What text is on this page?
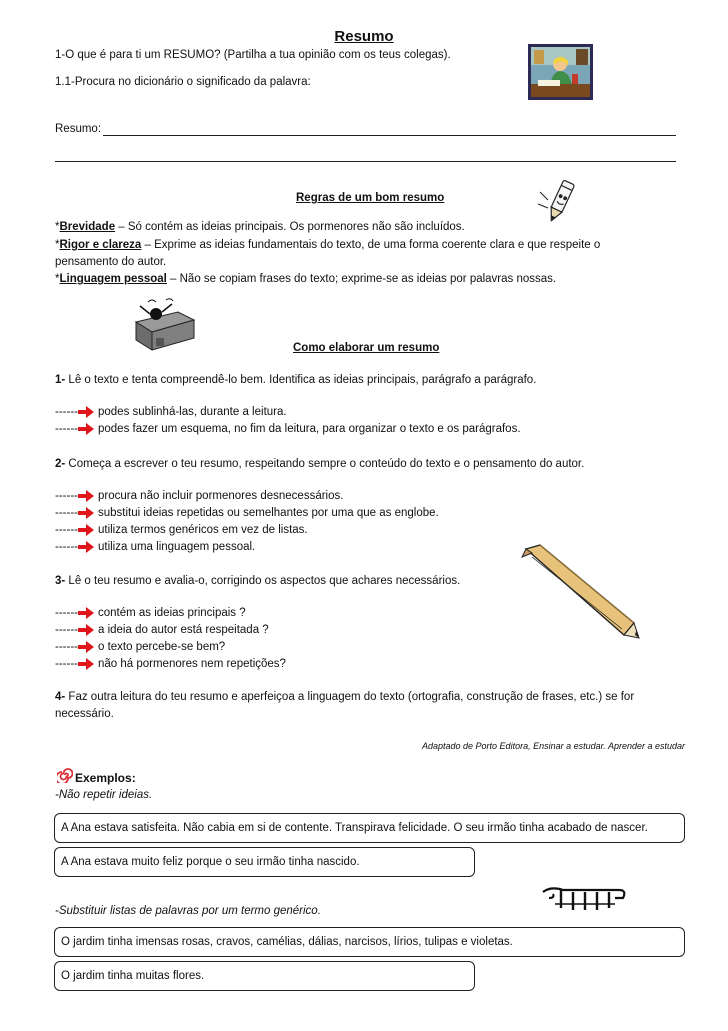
Resumo
1-O que é para ti um RESUMO? (Partilha a tua opinião com os teus colegas).
1.1-Procura no dicionário o significado da palavra:
Resumo:
Regras de um bom resumo
*Brevidade – Só contém as ideias principais. Os pormenores não são incluídos.
*Rigor e clareza – Exprime as ideias fundamentais do texto, de uma forma coerente clara e que respeite o
pensamento do autor.
*Linguagem pessoal – Não se copiam frases do texto; exprime-se as ideias por palavras nossas.
Como elaborar um resumo
1- Lê o texto e tenta compreendê-lo bem. Identifica as ideias principais, parágrafo a parágrafo.
------ podes sublinhá-las, durante a leitura.
------ podes fazer um esquema, no fim da leitura, para organizar o texto e os parágrafos.
2- Começa a escrever o teu resumo, respeitando sempre o conteúdo do texto e o pensamento do autor.
------ procura não incluir pormenores desnecessários.
------ substitui ideias repetidas ou semelhantes por uma que as englobe.
------ utiliza termos genéricos em vez de listas.
------ utiliza uma linguagem pessoal.
3- Lê o teu resumo e avalia-o, corrigindo os aspectos que achares necessários.
------ contém as ideias principais ?
------ a ideia do autor está respeitada ?
------ o texto percebe-se bem?
------ não há pormenores nem repetições?
4- Faz outra leitura do teu resumo e aperfeiçoa a linguagem do texto (ortografia, construção de frases, etc.) se for
necessário.
Adaptado de Porto Editora, Ensinar a estudar. Aprender a estudar
Exemplos:
-Não repetir ideias.
A Ana estava satisfeita. Não cabia em si de contente. Transpirava felicidade. O seu irmão tinha acabado de nascer.
A Ana estava muito feliz porque o seu irmão tinha nascido.
-Substituir listas de palavras por um termo genérico.
O jardim tinha imensas rosas, cravos, camélias, dálias, narcisos, lírios, tulipas e violetas.
O jardim tinha muitas flores.
